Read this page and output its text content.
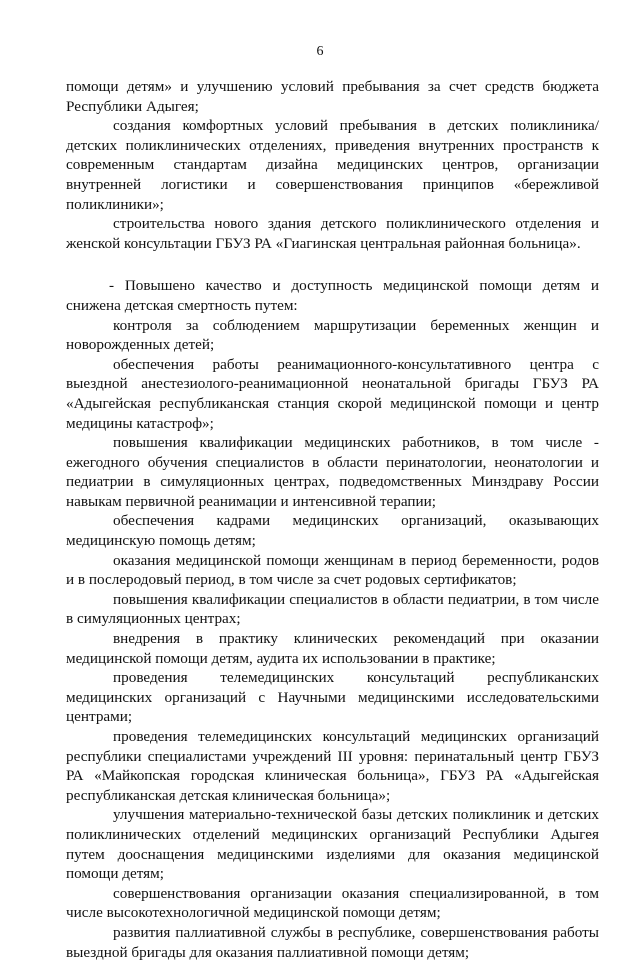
6

помощи детям» и улучшению условий пребывания за счет средств бюджета Республики Адыгея;

создания комфортных условий пребывания в детских поликлиника/детских поликлинических отделениях, приведения внутренних пространств к современным стандартам дизайна медицинских центров, организации внутренней логистики и совершенствования принципов «бережливой поликлиники»;

строительства нового здания детского поликлинического отделения и женской консультации ГБУЗ РА «Гиагинская центральная районная больница».

- Повышено качество и доступность медицинской помощи детям и снижена детская смертность путем:

контроля за соблюдением маршрутизации беременных женщин и новорожденных детей;

обеспечения работы реанимационного-консультативного центра с выездной анестезиолого-реанимационной неонатальной бригады ГБУЗ РА «Адыгейская республиканская станция скорой медицинской помощи и центр медицины катастроф»;

повышения квалификации медицинских работников, в том числе - ежегодного обучения специалистов в области перинатологии, неонатологии и педиатрии в симуляционных центрах, подведомственных Минздраву России навыкам первичной реанимации и интенсивной терапии;

обеспечения кадрами медицинских организаций, оказывающих медицинскую помощь детям;

оказания медицинской помощи женщинам в период беременности, родов и в послеродовый период, в том числе за счет родовых сертификатов;

повышения квалификации специалистов в области педиатрии, в том числе в симуляционных центрах;

внедрения в практику клинических рекомендаций при оказании медицинской помощи детям, аудита их использовании в практике;

проведения телемедицинских консультаций республиканских медицинских организаций с Научными медицинскими исследовательскими центрами;

проведения телемедицинских консультаций медицинских организаций республики специалистами учреждений III уровня: перинатальный центр ГБУЗ РА «Майкопская городская клиническая больница», ГБУЗ РА «Адыгейская республиканская детская клиническая больница»;

улучшения материально-технической базы детских поликлиник и детских поликлинических отделений медицинских организаций Республики Адыгея путем дооснащения медицинскими изделиями для оказания медицинской помощи детям;

совершенствования организации оказания специализированной, в том числе высокотехнологичной медицинской помощи детям;

развития паллиативной службы в республике, совершенствования работы выездной бригады для оказания паллиативной помощи детям;
